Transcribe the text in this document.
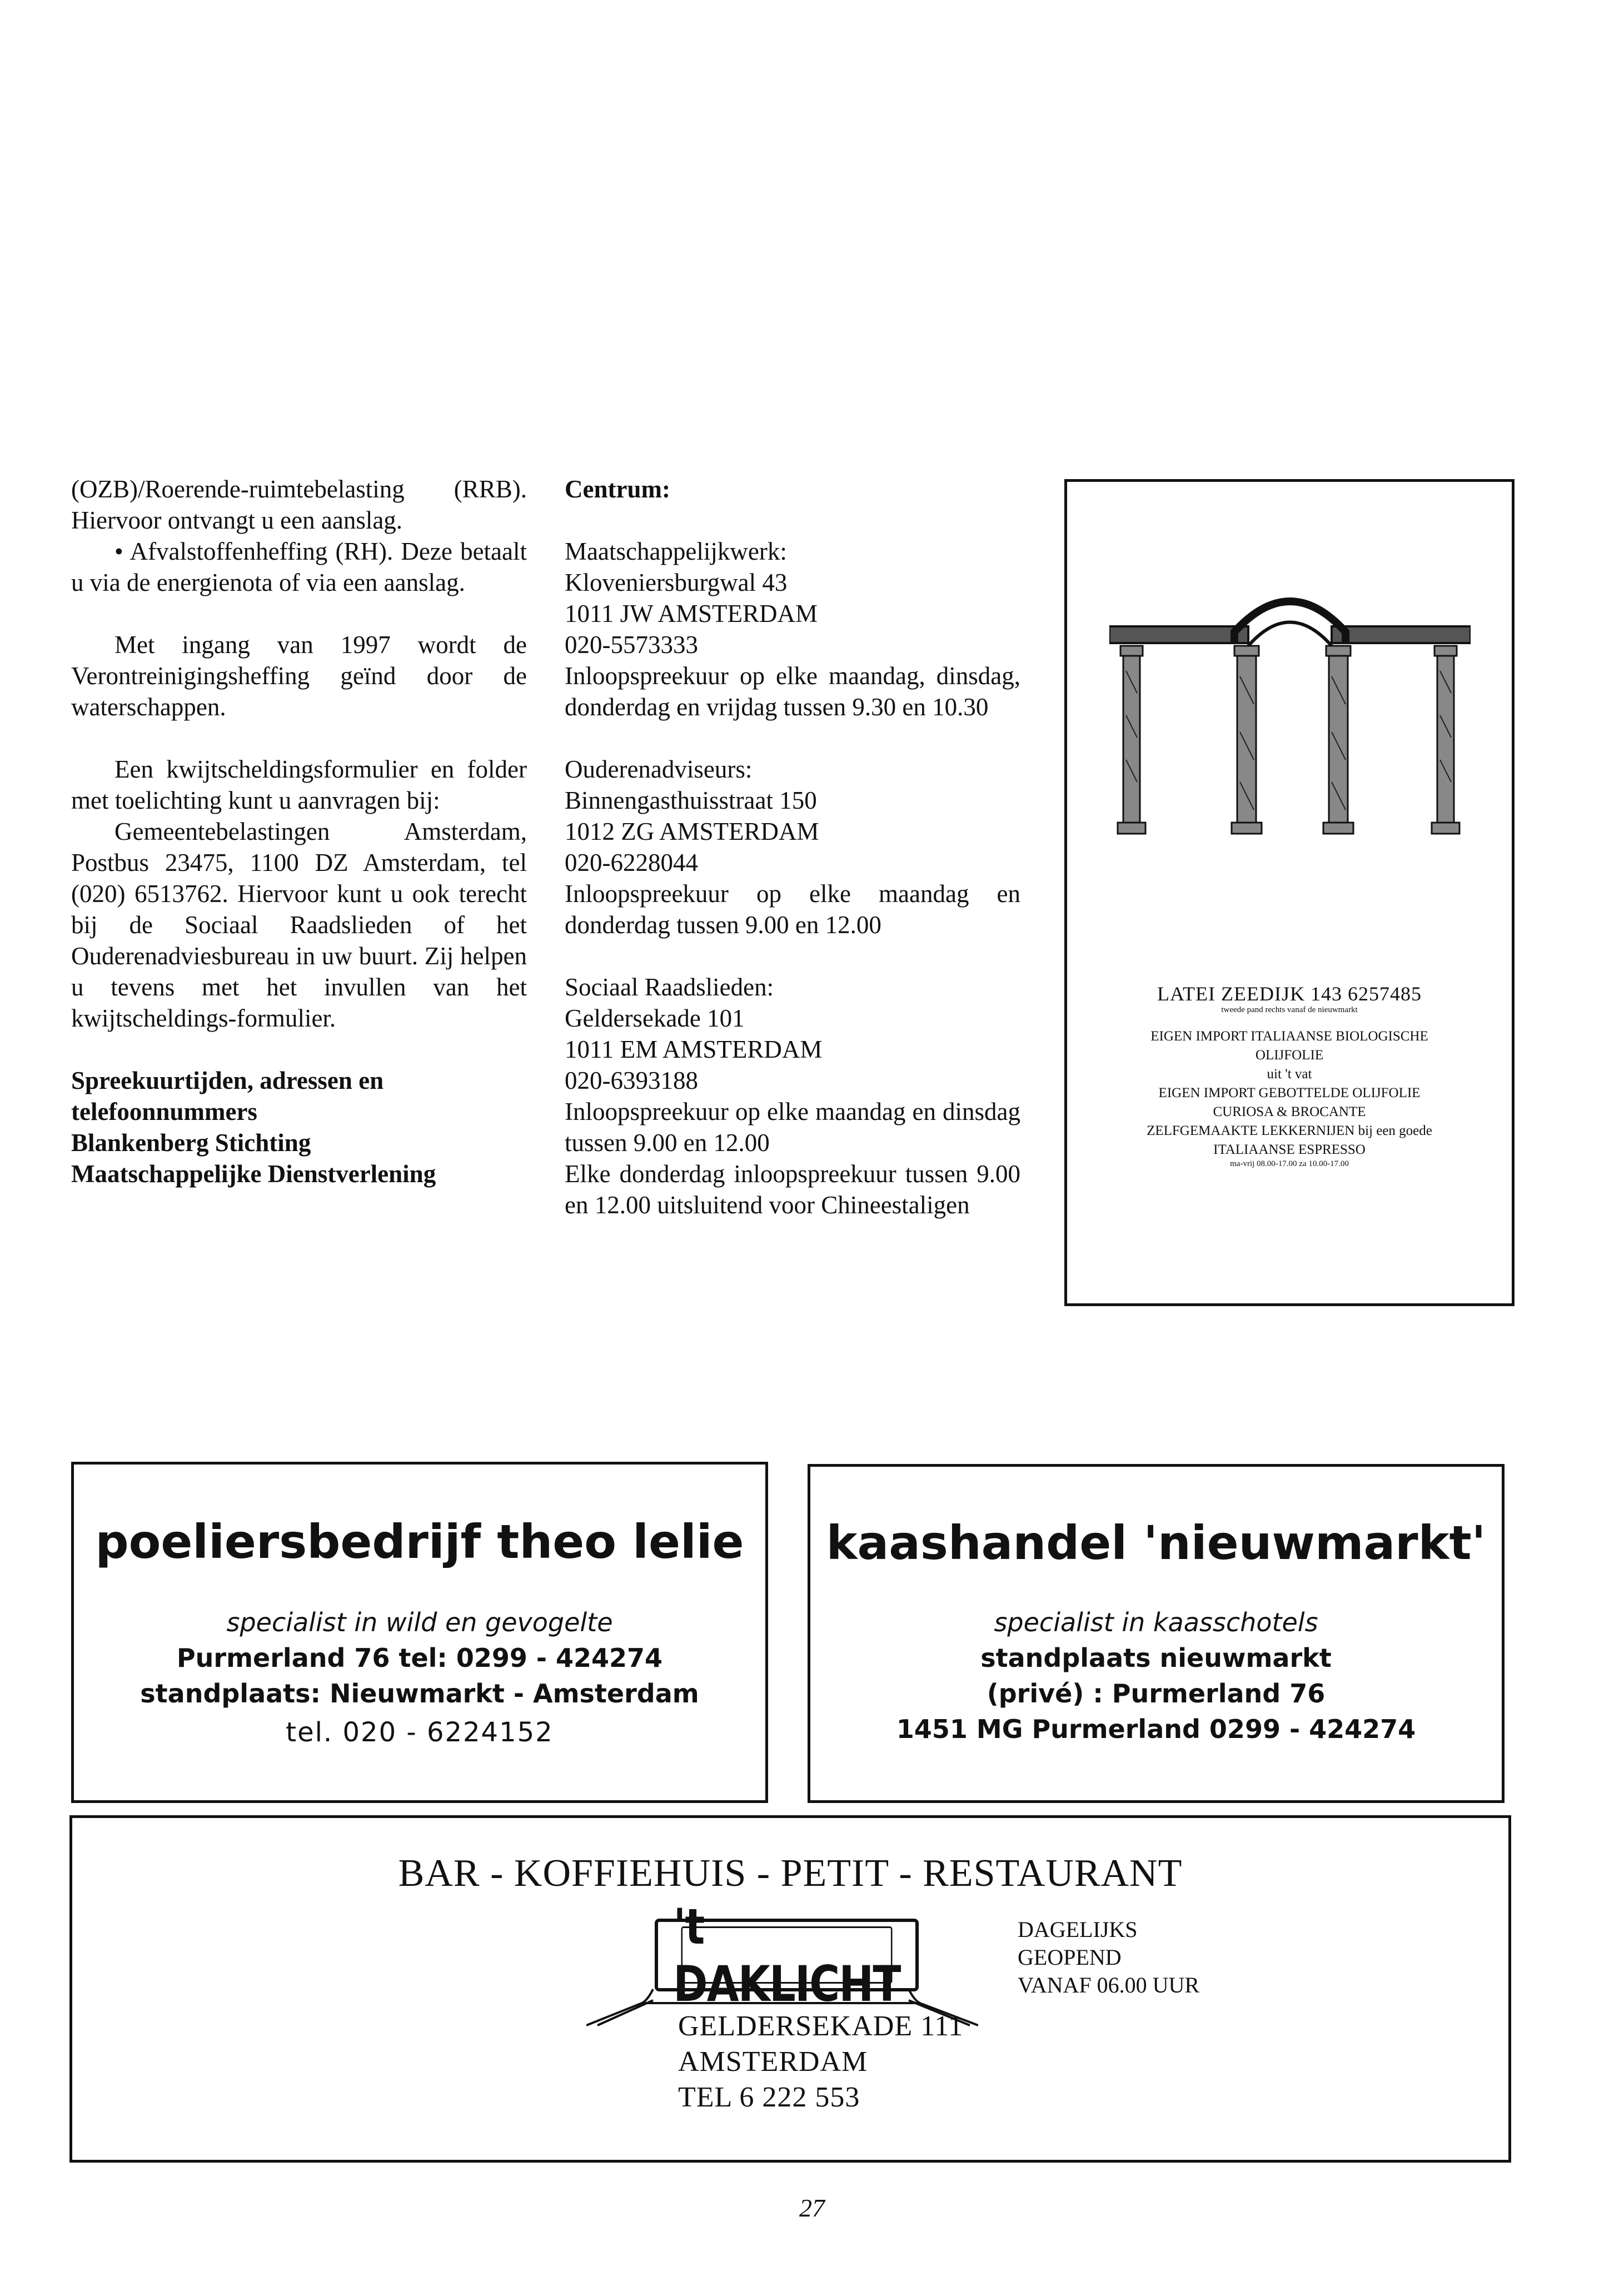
(OZB)/Roerende-ruimtebelasting (RRB). Hiervoor ontvangt u een aanslag.

• Afvalstoffenheffing (RH). Deze betaalt u via de energienota of via een aanslag.

Met ingang van 1997 wordt de Verontreinigingsheffing geïnd door de waterschappen.

Een kwijtscheldingsformulier en folder met toelichting kunt u aanvragen bij:

Gemeentebelastingen Amsterdam, Postbus 23475, 1100 DZ Amsterdam, tel (020) 6513762. Hiervoor kunt u ook terecht bij de Sociaal Raadslieden of het Ouderenadviesbureau in uw buurt. Zij helpen u tevens met het invullen van het kwijtscheldings-formulier.

Spreekuurtijden, adressen en

telefoonnummers

Blankenberg Stichting

Maatschappelijke Dienstverlening

Centrum:

Maatschappelijkwerk:

Kloveniersburgwal 43

1011 JW AMSTERDAM

020-5573333

Inloopspreekuur op elke maandag, dinsdag, donderdag en vrijdag tussen 9.30 en 10.30

Ouderenadviseurs:

Binnengasthuisstraat 150

1012 ZG AMSTERDAM

020-6228044

Inloopspreekuur op elke maandag en donderdag tussen 9.00 en 12.00

Sociaal Raadslieden:

Geldersekade 101

1011 EM AMSTERDAM

020-6393188

Inloopspreekuur op elke maandag en dinsdag tussen 9.00 en 12.00

Elke donderdag inloopspreekuur tussen 9.00 en 12.00 uitsluitend voor Chineestaligen

LATEI ZEEDIJK 143 6257485
tweede pand rechts vanaf de nieuwmarkt
EIGEN IMPORT ITALIAANSE BIOLOGISCHE
OLIJFOLIE
uit 't vat
EIGEN IMPORT GEBOTTELDE OLIJFOLIE
CURIOSA & BROCANTE
ZELFGEMAAKTE LEKKERNIJEN bij een goede
ITALIAANSE ESPRESSO
ma-vrij 08.00-17.00 za 10.00-17.00
poeliersbedrijf theo lelie
specialist in wild en gevogelte
Purmerland 76 tel: 0299 - 424274
standplaats: Nieuwmarkt - Amsterdam
tel. 020 - 6224152
kaashandel 'nieuwmarkt'
specialist in kaasschotels
standplaats nieuwmarkt
(privé) : Purmerland 76
1451 MG Purmerland 0299 - 424274
BAR - KOFFIEHUIS - PETIT - RESTAURANT
't DAKLICHT
GELDERSEKADE 111
AMSTERDAM
TEL 6 222 553
DAGELIJKS
GEOPEND
VANAF 06.00 UUR
27
